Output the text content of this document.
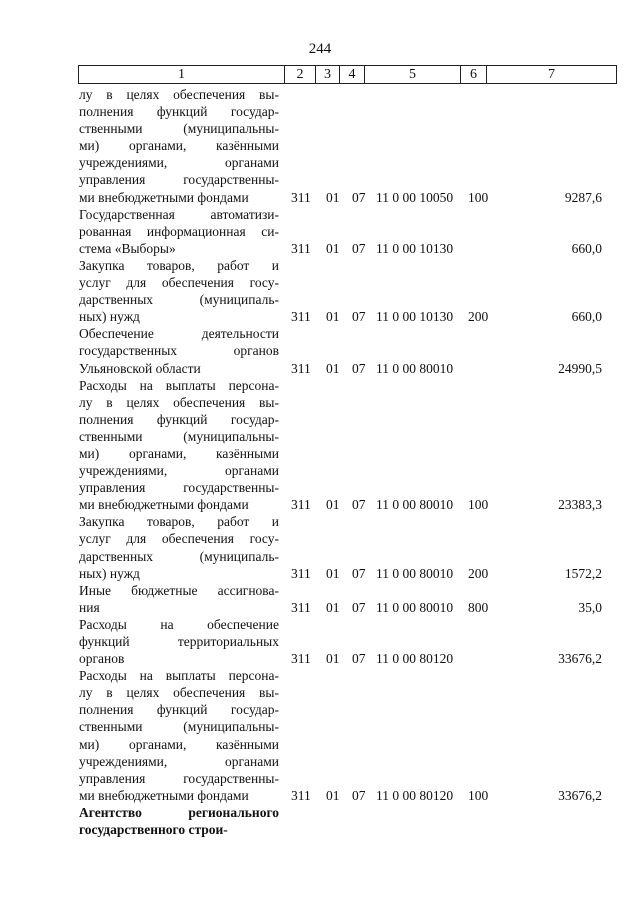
244
1	2	3	4	5	6	7
лу в целях обеспечения вы-
полнения функций государ-
ственными (муниципальны-
ми) органами, казёнными
учреждениями, органами
управления государственны-
ми внебюджетными фондами	311 01 07 11 0 00 10050 100	9287,6
Государственная автоматизи-
рованная информационная си-
стема «Выборы»	311 01 07 11 0 00 10130	660,0
Закупка товаров, работ и
услуг для обеспечения госу-
дарственных (муниципаль-
ных) нужд	311 01 07 11 0 00 10130 200	660,0
Обеспечение деятельности
государственных органов
Ульяновской области	311 01 07 11 0 00 80010	24990,5
Расходы на выплаты персона-
лу в целях обеспечения вы-
полнения функций государ-
ственными (муниципальны-
ми) органами, казёнными
учреждениями, органами
управления государственны-
ми внебюджетными фондами	311 01 07 11 0 00 80010 100	23383,3
Закупка товаров, работ и
услуг для обеспечения госу-
дарственных (муниципаль-
ных) нужд	311 01 07 11 0 00 80010 200	1572,2
Иные бюджетные ассигнова-
ния	311 01 07 11 0 00 80010 800	35,0
Расходы на обеспечение
функций территориальных
органов	311 01 07 11 0 00 80120	33676,2
Расходы на выплаты персона-
лу в целях обеспечения вы-
полнения функций государ-
ственными (муниципальны-
ми) органами, казёнными
учреждениями, органами
управления государственны-
ми внебюджетными фондами	311 01 07 11 0 00 80120 100	33676,2
Агентство регионального
государственного строи-
